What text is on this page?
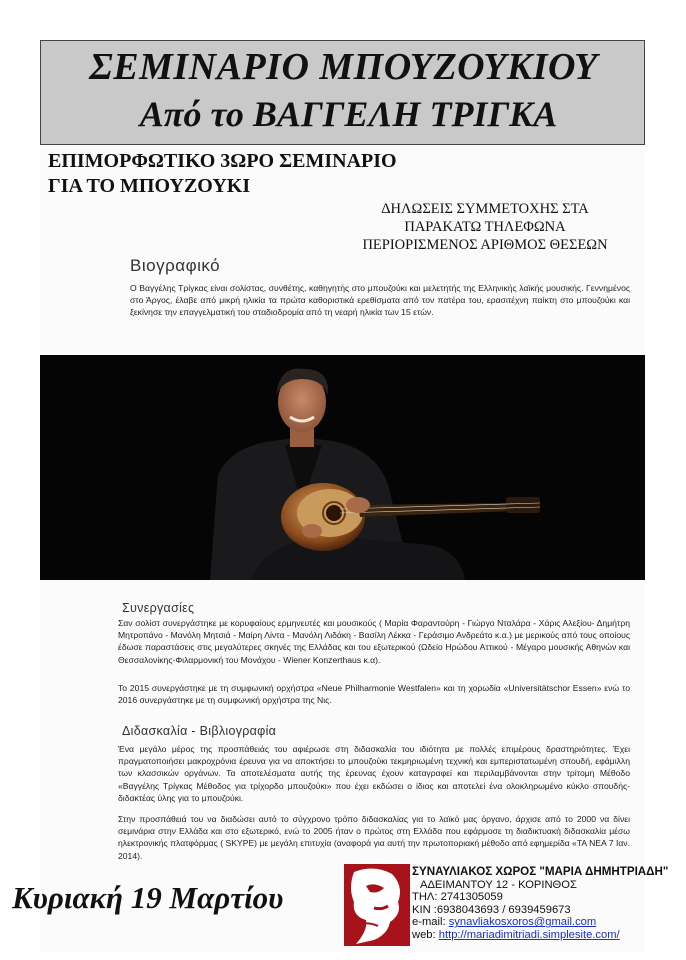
ΣΕΜΙΝΑΡΙΟ ΜΠΟΥΖΟΥΚΙΟΥ
Από το ΒΑΓΓΕΛΗ ΤΡΙΓΚΑ
ΕΠΙΜΟΡΦΩΤΙΚΟ 3ΩΡΟ ΣΕΜΙΝΑΡΙΟ
ΓΙΑ ΤΟ ΜΠΟΥΖΟΥΚΙ
ΔΗΛΩΣΕΙΣ ΣΥΜΜΕΤΟΧΗΣ ΣΤΑ
ΠΑΡΑΚΑΤΩ ΤΗΛΕΦΩΝΑ
ΠΕΡΙΟΡΙΣΜΕΝΟΣ ΑΡΙΘΜΟΣ ΘΕΣΕΩΝ
Βιογραφικό
Ο Βαγγέλης Τρίγκας είναι σολίστας, συνθέτης, καθηγητής στο μπουζούκι και μελετητής της Ελληνικής λαϊκής μουσικής. Γεννημένος στο Άργος, έλαβε από μικρή ηλικία τα πρώτα καθοριστικά ερεθίσματα από τον πατέρα του, ερασιτέχνη παίκτη στο μπουζούκι και ξεκίνησε την επαγγελματική του σταδιοδρομία από τη νεαρή ηλικία των 15 ετών.
Συνεργασίες
Σαν σολίστ συνεργάστηκε με κορυφαίους ερμηνευτές και μουσικούς ( Μαρία Φαραντούρη - Γιώργο Νταλάρα - Χάρις Αλεξίου- Δημήτρη Μητροπάνο - Μανόλη Μητσιά - Μαίρη Λίντα - Μανόλη Λιδάκη - Βασίλη Λέκκα - Γεράσιμο Ανδρεάτο κ.α.) με μερικούς από τους οποίους έδωσε παραστάσεις στις μεγαλύτερες σκηνές της Ελλάδας και του εξωτερικού (Ωδείο Ηρώδου Αττικού - Μέγαρο μουσικής Αθηνών και Θεσσαλονίκης-Φιλαρμονική του Μονάχου - Wiener Konzerthaus κ.α).
Το 2015 συνεργάστηκε με τη συμφωνική ορχήστρα «Neue Philharmonie Westfalen» και τη χορωδία «Universitätschor Essen» ενώ το 2016 συνεργάστηκε με τη συμφωνική ορχήστρα της Νις.
Διδασκαλία - Βιβλιογραφία
Ένα μεγάλο μέρος της προσπάθειάς του αφιέρωσε στη διδασκαλία του ιδιότητα με πολλές επιμέρους δραστηριότητες. Έχει πραγματοποιήσει μακροχρόνια έρευνα για να αποκτήσει το μπουζούκι τεκμηριωμένη τεχνική και εμπεριστατωμένη σπουδή, εφάμιλλη των κλασσικών οργάνων. Τα αποτελέσματα αυτής της έρευνας έχουν καταγραφεί και περιλαμβάνονται στην τρίτομη Μέθοδο «Βαγγέλης Τρίγκας Μέθοδος για τρίχορδο μπουζούκι» που έχει εκδώσει ο ίδιος και αποτελεί ένα ολοκληρωμένο κύκλο σπουδής-διδακτέας ύλης για το μπουζούκι.
Στην προσπάθειά του να διαδώσει αυτό το σύγχρονο τρόπο διδασκαλίας για το λαϊκό μας όργανο, άρχισε από το 2000 να δίνει σεμινάρια στην Ελλάδα και στο εξωτερικό, ενώ το 2005 ήταν ο πρώτος στη Ελλάδα που εφάρμοσε τη διαδικτυακή διδασκαλία μέσω ηλεκτρονικής πλατφόρμας ( SKYPE) με μεγάλη επιτυχία (αναφορά για αυτή την πρωτοποριακή μέθοδο από εφημερίδα «ΤΑ ΝΕΑ 7 Ιαν. 2014).
Κυριακή 19 Μαρτίου
ΣΥΝΑΥΛΙΑΚΟΣ ΧΩΡΟΣ "ΜΑΡΙΑ ΔΗΜΗΤΡΙΑΔΗ"
ΑΔΕΙΜΑΝΤΟΥ 12 - ΚΟΡΙΝΘΟΣ
ΤΗΛ: 2741305059
ΚΙΝ :6938043693 / 6939459673
e-mail: synavliakosxoros@gmail.com
web: http://mariadimitriadi.simplesite.com/
